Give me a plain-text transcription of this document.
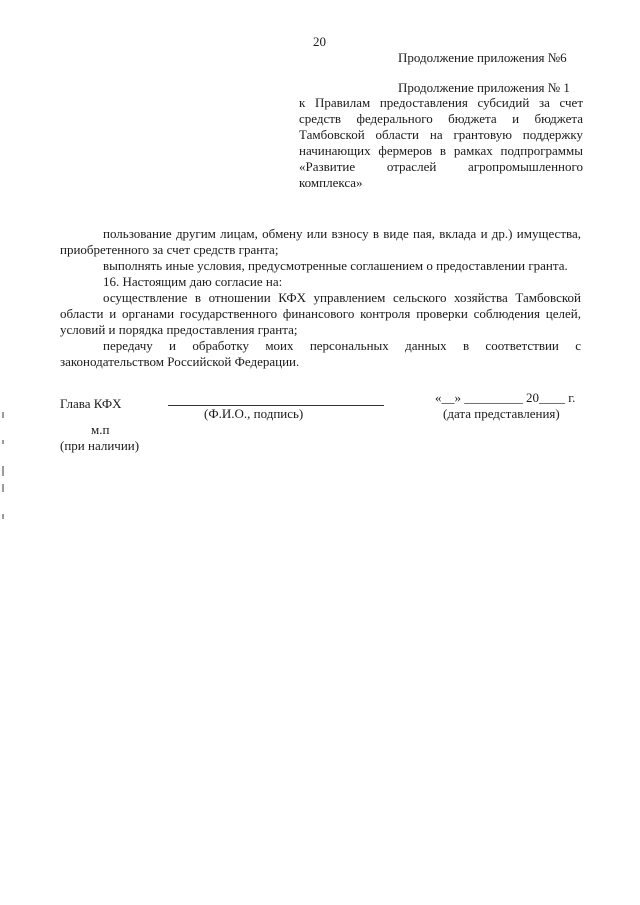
20
Продолжение приложения №6
Продолжение приложения № 1
к Правилам предоставления субсидий за счет
средств федерального бюджета и бюджета
Тамбовской области на грантовую поддержку
начинающих фермеров в рамках подпрограммы
«Развитие отраслей агропромышленного
комплекса»
пользование другим лицам, обмену или взносу в виде пая, вклада и др.) имущества,
приобретенного за счет средств гранта;
выполнять иные условия, предусмотренные соглашением о предоставлении гранта.
16. Настоящим даю согласие на:
осуществление в отношении КФХ управлением сельского хозяйства Тамбовской
области и органами государственного финансового контроля проверки соблюдения целей,
условий и порядка предоставления гранта;
передачу и обработку моих персональных данных в соответствии с
законодательством Российской Федерации.
Глава КФХ	«__» _________ 20____ г.
(Ф.И.О., подпись)	(дата представления)
м.п
(при наличии)
